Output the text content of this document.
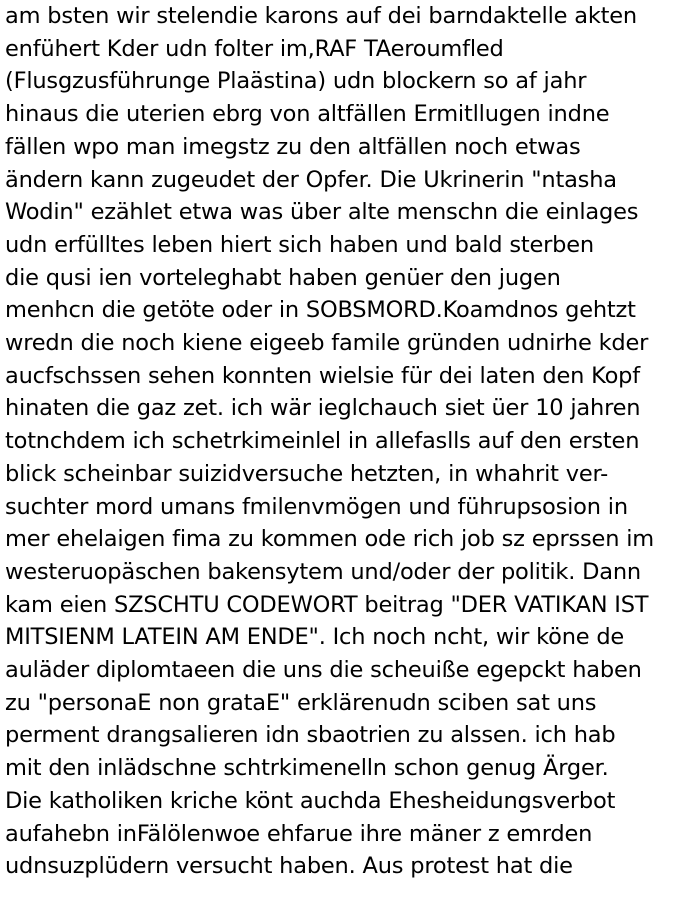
am bsten wir stelendie karons auf dei barndaktelle akten
enfühert Kder udn folter im,RAF TAeroumfled
(Flusgzusführunge Plaästina) udn blockern so af jahr
hinaus die uterien ebrg von altfällen Ermitllugen indne
fällen wpo man imegstz zu den altfällen noch etwas
ändern kann zugeudet der Opfer. Die Ukrinerin "ntasha
Wodin" ezählet etwa was über alte menschn die einlages
udn erfülltes leben hiert sich haben und bald sterben
die qusi ien vorteleghabt haben genüer den jugen
menhcn die getöte oder in SOBSMORD.Koamdnos gehtzt
wredn die noch kiene eigeeb famile gründen udnirhe kder
aucfschssen sehen konnten wielsie für dei laten den Kopf
hinaten die gaz zet. ich wär ieglchauch siet üer 10 jahren
totnchdem ich schetrkimeinlel in allefaslls auf den ersten
blick scheinbar suizidversuche hetzten, in whahrit ver-
suchter mord umans fmilenvmögen und führupsosion in
mer ehelaigen fima zu kommen ode rich job sz eprssen im
westeruopäschen bakensytem und/oder der politik. Dann
kam eien SZSCHTU CODEWORT beitrag "DER VATIKAN IST
MITSIENM LATEIN AM ENDE". Ich noch ncht, wir köne de
auläder diplomtaeen die uns die scheuiße egepckt haben
zu "personaE non grataE" erklärenudn sciben sat uns
perment drangsalieren idn sbaotrien zu alssen. ich hab
mit den inlädschne schtrkimenelln schon genug Ärger.
Die katholiken kriche könt auchda Ehesheidungsverbot
aufahebn inFälölenwoe ehfarue ihre mäner z emrden
udnsuzplüdern versucht haben. Aus protest hat die
